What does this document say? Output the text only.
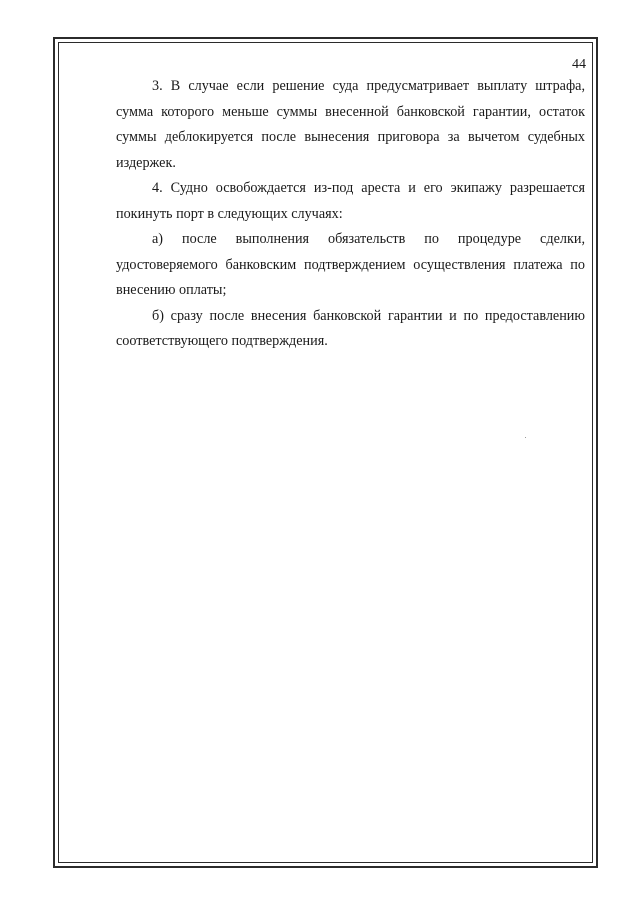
44

3. В случае если решение суда предусматривает выплату штрафа, сумма которого меньше суммы внесенной банковской гарантии, остаток суммы деблокируется после вынесения приговора за вычетом судебных издержек.

4. Судно освобождается из-под ареста и его экипажу разрешается покинуть порт в следующих случаях:

а) после выполнения обязательств по процедуре сделки, удостоверяемого банковским подтверждением осуществления платежа по внесению оплаты;

б) сразу после внесения банковской гарантии и по предоставлению соответствующего подтверждения.
